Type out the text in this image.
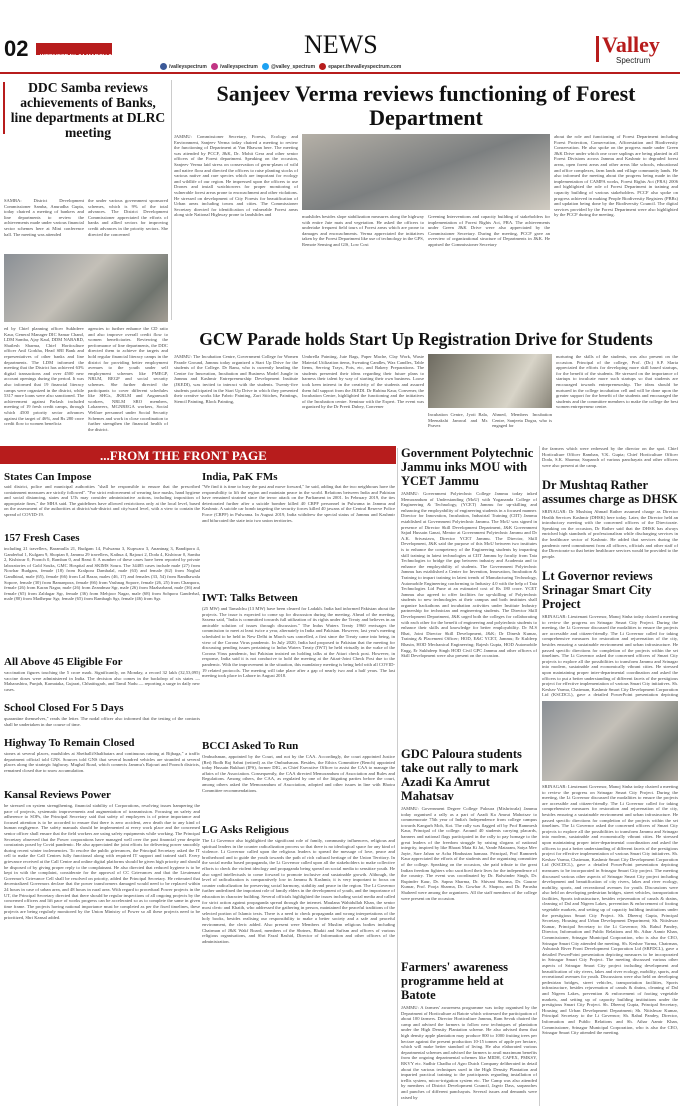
02	WEDNESDAY, 24 MARCH 2021	NEWS
/valleyspectrum	/valleyspectrum	@valley_spectrum	epaper.thevalleyspectrum.com
Valley
Spectrum
DDC Samba reviews achievements of Banks, line departments at DLRC meeting
SAMBA: District Development Commissioner Samba, Anuradha Gupta, today chaired a meeting of bankers and line departments to review the achievements made under various financial sector schemes here at Mini conference hall. The meeting was attended
the under various government sponsored schemes, which is 9% of the total advances. The District Development Commissioner appreciated the efforts of banks and allied sectors for improving credit advances in the priority sectors. She directed the concerned
ed by Chief planning officer Sukhdeev Kaur, General Manager DIC Samar Chand, LDM Samba, Ajay Kaul, DDM NABARD, Shailesh Sharma, Chief Horticulture officer Anil Gorkha, Head SBI Bank and representatives of other banks and line departments. The LDM informed the meeting that the District has achieved 63% digital transactions and over 4500 new account openings during the period. It was also informed that 19 financial literacy camps were organized in the district, while 5317 more loans were also sanctioned. The achievement against Parlash included meeting of 19 fresh credit camps, through which 4500 priority sector advances against the target of 46%, and Rs 280 crore credit flow to women beneficia
agencies to further enhance the CD ratio and also improve overall credit flow to women beneficiaries. Reviewing the performance of line departments, the DDC directed them to achieve the targets and hold regular financial literacy camps in the district for providing better employment avenues to the youth under self employment schemes like PMEGP, NRLM, REGP and social security schemes. She further directed the participants to cover different schedules like SHGs, JKRLM and Anganwadi workers, NRLM SRO members, Lokanvers, MGNREGA workers, Social Welfare personnel under Social Security Schemes and work in close coordination to further strengthen the financial health of the district.
Sanjeev Verma reviews functioning of Forest Department
JAMMU: Commissioner Secretary, Forests, Ecology and Environment, Sanjeev Verma today chaired a meeting to review the functioning of Department at Van Bhawan here. The meeting was attended by PCCF, J&K, Dr. Mohit Gera and other senior officers of the Forest department. Speaking on the occasion, Sanjeev Verma laid stress on conservation of germ-plasm of wild and native flora and directed the officers to raise planting stocks of various native and rare species which are important for ecology and wildlife of our region. He impressed upon the officers to use Drones and install watchtowers for proper monitoring of vulnerable forest areas prone to encroachment and other violations. He stressed on development of City Forests for beautification of Urban areas including towns and cities. The Commissioner Secretary directed for identification of vulnerable Forest areas along side National Highway prone to landslides and	mudslides besides slope stabilization measures along the highway with entire Jute mats and vegetation. He asked the officers to undertake frequent field tours of Forest areas which are prone to damages and encroachments. Verma appreciated the initiatives taken by the Forest Department like use of technology in the GPS, Remote Sensing and GIS, Low Cost
Greening Interventions and capacity building of stakeholders for implementation of Forest Rights Act, FRA. The achievements under Green J&K Drive were also appreciated by the Commissioner Secretary. During the meeting, PCCF gave an overview of organizational structure of Departments in J&K. He apprised the Commissioner Secretary
about the role and functioning of Forest Department including Forest Protection, Conservation, Afforestation and Biodiversity Conservation. He also spoke on the progress made under Green J&K Drive under which one crore saplings are being planted in all Forest Divisions across Jammu and Kashmir to degraded forest areas, open forest areas and other areas like schools, educational and office complexes, farm lands and village community lands. He also informed the meeting about the progress being made in the implementation of CAMPA works, Forest Rights Act (FRA) 2006 and highlighted the role of Forest Department in training and capacity building of various stakeholders. PCCF also spoke on progress achieved in making People Biodiversity Registers (PBRs) and updation being done by the Biodiversity Council. The digital services provided by the Forest Department were also highlighted by the PCCF during the meeting.
GCW Parade holds Start Up Registration Drive for Students
JAMMU: The Incubation Centre, Government College for Women Parade Ground, Jammu today organized a Start Up Drive for the students of the College. Dr Ranu, who is currently heading the Centre for Innovation, Incubation and Business Model Jungle in Jammu and Kashmir Entrepreneurship Development Institute (JKEDI), was invited to interact with the students. Twenty-five students participated in the Start Up Drive in which they presented their creative works like Fabric Painting, Zari Stitches, Paintings, Stencil Painting, Block Painting,
Umbrella Painting, Jute Bags, Paper Mache, Clay Work, Waste Material Utilization items, Sweating Candles, Wax Candles, Table Items, Serving Trays, Pots, etc, and Bakery Preparations. The students presented their ideas regarding their future plans to harness their talent by way of starting their own business. Loose took keen interest in the creativity of the students and assured them full support from the JKEDI. Dr Rubina Kaur, Convener, the Incubation Centre, highlighted the functioning and the initiatives of the Incubation centre. Seminar with the Expert. The event was organized by the Dr Preeti Dubey, Convener
Incubation Centre, Jyoti Bala, Meenakshi Jamwal and Mr. Pravez
Ahmed, Members Incubation Centre, Sanjeeta Dogra, who is engaged for
nurturing the skills of the students, was also present on the occasion. Principal of the college, Prof. (Dr.) S.P. Slaria appreciated the efforts for developing more skill based startups, for the benefit of the students. He stressed on the importance of startups to inculcate more such startups so that students are encouraged towards entrepreneurship. The ideas should be nurtured in the college incubation cell and will be done upon the greater support for the benefit of the students and encouraged the students and the committee members to make the college the best women entrepreneur centre.
...FROM THE FRONT PAGE
States Can Impose
said district, police and municipal authorities "shall be responsible to ensure that the prescribed containment measures are strictly followed". "For strict enforcement of wearing face masks, hand hygiene and social distancing, states and UTs may consider administrative actions, including imposition of appropriate fines," the MHA said. The guidelines have allowed restrictions only at the local level, based on the assessment of the authorities at district/sub-district and city/ward level, with a view to contain the spread of COVID-19.
157 Fresh Cases
including 21 travellers, Baramulla 21, Budgam 14, Pulwama 3, Kupwara 3, Anantnag 3, Bandipora 4, Ganderbal 1, Kulgam 9, Shopian 0, Jammu 29 travellers, Kathua 4, Rajouri 2, Doda 4, Kishtwar 0, Samba 2, Kishtwar 0, Poonch 0, Ramban 0, and Reasi 0. A number of these cases have been reported by private laboratories of Gold Souks, GMC Hospital and SKIMS Soura. The 34485 cases include male (27) from Nowhar Budgam, female (18) from Kralpora Damhalal, male (63) and female (62) from Noghal Gandhinal, male (65), female (66) from Lal Bazar, males (46, 17) and females (33, 54) from Randhawala Sopore, female (30) from Bamanpora, female (66) from Vashnag Sopore, female (26, 25) from Chanpora, female (26) from Karan Nagar, male (26) from Zeandmar Sgr, male (26) from Mazharband, male (36) and female (65) from Zaldagar Sgr, female (36) from Mehjoor Nagar, male (68) from Sohpora Ganderbal, male (80) from Madhepur Sgr, female (65) from Rambagh Sgr, female (46) from Sgr.
All Above 45 Eligible For
vaccination figures touching the 5 crore mark. Significantly, on Monday, a record 32 lakh (32,53,095) vaccine doses were administered in India. The decision also comes in the backdrop of six states — Maharashtra, Punjab, Karnataka, Gujarat, Chhattisgarh, and Tamil Nadu — reporting a surge in daily new cases.
School Closed For 5 Days
quarantine themselves," reads the letter. The nodal officer also informed that the testing of the contacts shall be undertaken in due course of time.
Highway To Remain Closed
stones at several places, mudslides at Shetballi/Shaltbatars and continuous raining at Bijbaga," a traffic department official told GNS. Sources told GNS that several hundred vehicles are stranded at several places along the strategic highway. Mughal Road, which connects Jammu's Rajouri and Poonch districts, remained closed due to snow accumulation.
Kansal Reviews Power
be stressed on system strengthening, financial stability of Corporations, resolving issues hampering the pace of projects, systematic improvements and augmentation of transmission. Focusing on safety and adherence to SOPs, the Principal Secretary said that safety of employees is of prime importance and focused attention is to be accorded to ensure that there is zero accident, zero death due to any kind of human negligence. The safety manuals should be implemented at every work place and the concerned senior officer shall ensure that the field workers are using safety equipments while working. The Principal Secretary observed that the Power corporations have managed well over the past financial year despite constraints posed by Covid pandemic. He also appreciated the joint efforts for delivering power smoothly during recent winter inclemencies. To resolve the public grievances, the Principal Secretary asked the IT cell to make the Call Centres fully functional along with required IT support and trained staff. Every grievance received at the Call Centre and online digital platforms should be given high priority and should be disposed of by giving proper reply to the complainant. He also directed that reduced hygiene is to be kept in with the complaint, considerate for the approval of CC Grievances and that the Lieutenant Governor's Grievance Cell shall be resolved on priority, added the Principal Secretary. He reiterated that decentralized Governors declare that the power transformers damaged would need to be replaced within 24 hours in case of urban area, and 48 hours in rural area. With regard to procedural Power projects in the UT, the Principal Secretary directed that there should be regular inspections of all ongoing projects by the concerned officers and lift pace of works progress can be accelerated so as to complete the same in given time frame. The projects having national importance must be completed as per the fixed timelines, these projects are being regularly monitored by the Union Ministry of Power so all these projects need to be prioritized, Shri Kansal added.
India, PaK FMs
"We find it is time to bury the past and move forward," he said, adding that the two neighbours have the responsibility to lift the region and maintain peace in the world. Relations between India and Pakistan have remained strained since the terror attack on the Parliament in 2001. In February 2019, the ties deteriorated further after a suicide bomber killed 40 CRPF personnel in Pulwama in Jammu and Kashmir. A suicide car bomb targeting the security forces killed 40 jawans of the Central Reserve Police Force (CRPF) in Pulwama. In August 2019, India withdrew the special status of Jammu and Kashmir and bifurcated the state into two union territories.
IWT: Talks Between
(25 MW) and Tamalchu (13 MW) have been cleared for Ladakh. India had informed Pakistan about the projects. The issue is expected to come up for discussion during the meeting. Ahead of the meeting, Saxena said, "India is committed towards full utilization of its rights under the Treaty and believes in an amicable solution of issues through discussion." The Indus Waters Treaty 1960 envisages the commission to meet at least twice a year, alternately in India and Pakistan. However, last year's meeting scheduled to be held in New Delhi in March was cancelled, a first since the Treaty came into being, in view of the Corona Virus pandemic. In July 2020, India had proposed to Pakistan that the meeting for discussing pending issues pertaining to Indus Waters Treaty (IWT) be held virtually in the wake of the Corona Virus pandemic, but Pakistan insisted on holding talks at the Attari check post. However, in response, India said it is not conducive to hold the meeting at the Attari-Joint Check Post due to the pandemic. With the improvement in the situation, this mandatory meeting is being held with all COVID-19 related protocols. The meeting will take place after a gap of nearly two and a half years. The last meeting took place in Lahore in August 2018.
BCCI Asked To Run
Ombudsman, appointed by the Court, and not by the CAA. Accordingly, the court appointed Justice (Ret) Bodh Raj Sahni (retired) as the Ombudsman. Besides, the Ethics Committee (Bench) appointed today Hussain Bukhari (IPS), former DIG, as Chief Executive Officer to assist the CAA to manage the affairs of the Association. Consequently, the CAA directed Memorandum of Association and Rules and Regulations. Among others, the CAA, as regulated by one of the litigating parties before the court, among others asked the Memorandum of Association, adopted and other issues in line with Bhotra Committee recommendations.
LG Asks Religious
The Lt Governor also highlighted the significant role of family, community influencers, religious and spiritual leaders in the counter radicalization process so that there is no ideological space for any kind of violence. Lt Governor called upon the religious leaders to spread the message of love, peace and brotherhood and to guide the youth towards the path of rich cultural heritage of the Union Territory. In the social media based propaganda, the Lt Governor called upon all the stakeholders to make collective efforts to check the violent ideology and propaganda being spread on social media to sensitize youth. He also urged intellectuals to come forward to promote inclusive and sustainable growth. Although, the level of radicalization is comparatively low in Jammu & Kashmir, it is very important to focus on counter radicalization for preserving social harmony, stability and peace in the region. The Lt Governor further underlined the important role of family elders in the development of youth, and the importance of education in character building. Several officials highlighted the issues including social media and called for strict action against propaganda spread through the internet. Maulana Wahidullah Khan, the senior most cleric and Khatib, who addressed the gathering in person, maintained the peaceful traditions of the selected portion of Islamic texts. There is a need to check propaganda and wrong interpretations of the holy books, besides realising our responsibility to make a better society and a safe and peaceful environment, the cleric added. Also present were Members of Muslim religious bodies including Chairman of J&K Wakf Board, members of the Shrines, Bhakti and Sufism and officers of various religious organisations, and Shri Fazal Rashid, Director of Information and other officers of the administration.
Government Polytechnic Jammu inks MOU with YCET Jammu
JAMMU: Government Polytechnic College Jammu today inked Memorandum of Understanding (MoU) with Yogananda College of Engineering & Technology, (YCET) Jammu for up-skilling and enhancing the employability of engineering students in a focused manner. Director for Innovation, Incubation, Industrial Training (CIIT) Jammu established at Government Polytechnic Jammu. The MoU was signed in presence of Director Skill Development Department, J&K Government Sajad Hussain Ganai, Mentor at Government Polytechnic Jammu and Dr A.K. Srivastava, Director YCET Jammu. The Director, Skill Development, J&K said the purpose of this MoU between two institutes is to enhance the competency of the Engineering students by imparting skill training in latest technologies at CIIT Jammu by faculty from Tata Technologies to bridge the gap between industry and Academia and to enhance the employability of students. The Government Polytechnic Jammu has established a Center for Invention, Innovation, Incubation & Training to impart training in latest trends of Manufacturing Technology, Automobile Engineering conforming to Industry 4.0 with the help of Tata Technologies Ltd Pune at an estimated cost of Rs 180 crore. YCET Jammu also agreed to offer facilities for up-skilling of Polytechnic students to new technologies at their campus and both institutes shall organize hackathons and incubation activities under Institute Industry partnership for technician and engineering students. The Director Skill Development Department, J&K urged both the colleges for collaborating with each other for the benefit of engineering and polytechnic students to enhance their skills and knowledge for better employability. Dr M.S Bhat, Joint Director Skill Development, J&K; Dr Dinesh Kumar, Training & Placement Officer; HOD, E&C YCET, Jammu; Er Kuldeep Bhasin, HOD Mechanical Engineering; Rajesh Gupta, HOD Automobile Engg, Er Sukhdeep Singh HOD Civil GPC Jammu and other officers of Skill Development were also present on the occasion.
GDC Paloura students take out rally to mark Azadi Ka Amrut Mahatsav
JAMMU: Government Degree College Paloura (Mishriwala) Jammu today organised a rally as a part of Azadi Ka Amrut Mahotsav to commemorate 75th year of India's Independence from college campus towards Kangarh Moh, Kot. The rally was flagged off by Prof Rammesh Kaur, Principal of the college. Around 40 students carrying placards, banners and national flags participated in the rally to pay homage to the great leaders of the freedom struggle by raising slogans of national integrity, inspired by like Bharat Mata Ki Jai, Vande Mataram, Satya Mev Jayte, Sare Jahan se Acha Hindustan hamara. Principal, Prof Ramneek Kaur appreciated the efforts of the students and the organizing committee of the college. Speaking on the occasion, she paid tribute to the great Indian freedom fighters who sacrificed their lives for the independence of the country. The event was coordinated by Dr. Balwinder Singh, Dr. Rupinder Kaur, Dr. Sapna Sharma, Dr. Shivani Sharma, Dr. Gaurav Kumar, Prof. Pooja Sharma, Dr. Gowhar A. Shapoo, and Dr. Parasha Shaheed were among the organizers. All the staff members of the college were present on the occasion.
Farmers' awareness programme held at Batote
JAMMU: A farmers' awareness programme was today organised by the Department of Horticulture at Batote which witnessed the participation of about 100 farmers. Director Horticulture Jammu, Ram Sevak chaired the camp and advised the farmers to follow new techniques of plantation under the High Density Plantation scheme. He also advised them that high density apple plantation may produce 800 to 1000 fruiting trees per hectare against the present production 10-15 tonnes of apple per hectare, which will make better standard of living. He also elaborated various departmental schemes and advised the farmers to avail maximum benefits from the ongoing departmental schemes like MIDH, CAPEX, PMKSY, RKVY etc. Sudhir Chadha of Agro Dutch Company deliberated in detail about the various techniques used in the High Density Plantation and imparted practical training to the participants regarding installation of trellis system, micro-irrigation system etc. The Camp was also attended by members of District Development Council, Jagvir Dass, sarpanches and punches of different panchayats. Several issues and demands were raised by
the farmers which were redressed by the director on the spot. Chief Horticulture Officer Ramban, V.K. Gupta; Chief Horticulture Officer Doda, S.K. Sharma; Sarpanch of various panchayats and other officers were also present at the camp.
Dr Mushtaq Rather assumes charge as DHSK
SRINAGAR: Dr Mushtaq Ahmad Rather assumed charge as Director Health Services Kashmir (DHSK) here today. Later, the Director held an introductory meeting with the concerned officers of the Directorate. Speaking on the occasion, Dr Rather said that the DHSK has always enriched high standards of professionalism while discharging services in the healthcare sector of Kashmir. He added that services during the pandemic need commitment from all officers, officials and other staff of the Directorate so that better healthcare services would be provided to the people.
Lt Governor reviews Srinagar Smart City Project
SRINAGAR: Lieutenant Governor, Manoj Sinha today chaired a meeting to review the progress on Srinagar Smart City Project. During the meeting, the Lt Governor discussed the modalities to ensure the projects are accessible and citizen-friendly. The Lt Governor called for taking comprehensive measures for restoration and rejuvenation of the city, besides ensuring a sustainable environment and urban infrastructure. He passed specific directions for completion of the projects within the set timelines. The Lt Governor asked the concerned officers of Smart City projects to explore all the possibilities to transform Jammu and Srinagar into modern, sustainable and economically vibrant cities. He stressed upon maintaining proper inter-departmental coordination and asked the officers to put a better understanding of different facets of the prestigious project for effective implementation of various Smart City initiatives. Sh. Keshav Varma, Chairman, Kashmir Smart City Development Corporation Ltd (KSCDCL), gave a detailed PowerPoint presentation depicting
SRINAGAR: Lieutenant Governor, Manoj Sinha today chaired a meeting to review the progress on Srinagar Smart City Project. During the meeting, the Lt Governor discussed the modalities to ensure the projects are accessible and citizen-friendly. The Lt Governor called for taking comprehensive measures for restoration and rejuvenation of the city, besides ensuring a sustainable environment and urban infrastructure. He passed specific directions for completion of the projects within the set timelines. The Lt Governor asked the concerned officers of Smart City projects to explore all the possibilities to transform Jammu and Srinagar into modern, sustainable and economically vibrant cities. He stressed upon maintaining proper inter-departmental coordination and asked the officers to put a better understanding of different facets of the prestigious project for effective implementation of various Smart City initiatives. Sh. Keshav Varma, Chairman, Kashmir Smart City Development Corporation Ltd (KSCDCL), gave a detailed PowerPoint presentation depicting measures to be incorporated in Srinagar Smart City project. The meeting discussed various other aspects of Srinagar Smart City project including development and beautification of city rivers, lakes and river ecology, mobility, sports, and recreational avenues for youth. Discussions were also held on developing pedestrian bridges, street vehicles, transportation facilities, Sports infrastructure, besides rejuvenation of canals & drains, cleaning of Dal and Nigeen Lakes, prevention & enforcement of footing vegetable markets, and setting up of capacity building institutions under the prestigious Smart City Project. Sh. Dheeraj Gupta, Principal Secretary, Housing and Urban Development Department; Sh. Nitishwar Kumar, Principal Secretary to the Lt Governor; Sh. Rahul Pandey, Director, Information and Public Relations and Sh. Athar Aamir Khan, Commissioner, Srinagar Municipal Corporation, who is also the CEO, Srinagar Smart City attended the meeting. Sh. Keshav Varma, Chairman, Ashutosh River Front Development Corporation Ltd (SRFDCL), gave a detailed PowerPoint presentation depicting measures to be incorporated in Srinagar Smart City Project. The meeting discussed various other aspects of Srinagar Smart City project including development and beautification of city rivers, lakes and river ecology, mobility, sports, and recreational avenues for youth. Discussions were also held on developing pedestrian bridges, street vehicles, transportation facilities, Sports infrastructure, besides rejuvenation of canals & drains, cleaning of Dal and Nigeen Lakes, prevention & enforcement of footing vegetable markets, and setting up of capacity building institutions under the prestigious Smart City Project. Sh. Dheeraj Gupta, Principal Secretary, Housing and Urban Development Department; Sh. Nitishwar Kumar, Principal Secretary to the Lt Governor; Sh. Rahul Pandey, Director, Information and Public Relations and Sh. Athar Aamir Khan, Commissioner, Srinagar Municipal Corporation, who is also the CEO, Srinagar Smart City attended the meeting.
